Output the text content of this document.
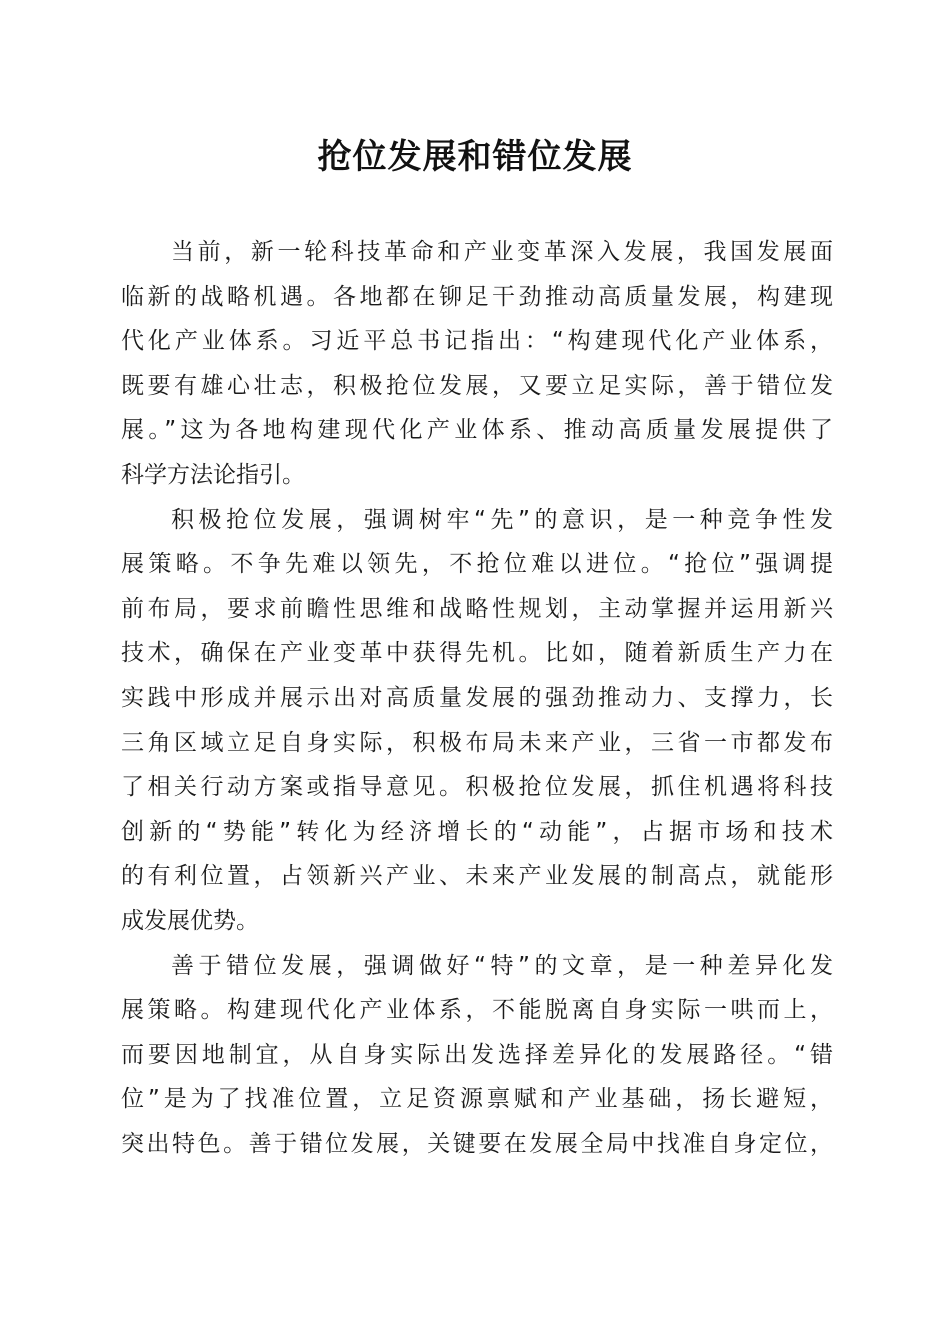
抢位发展和错位发展
当前，新一轮科技革命和产业变革深入发展，我国发展面
临新的战略机遇。各地都在铆足干劲推动高质量发展，构建现
代化产业体系。习近平总书记指出：“构建现代化产业体系，
既要有雄心壮志，积极抢位发展，又要立足实际，善于错位发
展。”这为各地构建现代化产业体系、推动高质量发展提供了
科学方法论指引。
积极抢位发展，强调树牢“先”的意识，是一种竞争性发
展策略。不争先难以领先，不抢位难以进位。“抢位”强调提
前布局，要求前瞻性思维和战略性规划，主动掌握并运用新兴
技术，确保在产业变革中获得先机。比如，随着新质生产力在
实践中形成并展示出对高质量发展的强劲推动力、支撑力，长
三角区域立足自身实际，积极布局未来产业，三省一市都发布
了相关行动方案或指导意见。积极抢位发展，抓住机遇将科技
创新的“势能”转化为经济增长的“动能”，占据市场和技术
的有利位置，占领新兴产业、未来产业发展的制高点，就能形
成发展优势。
善于错位发展，强调做好“特”的文章，是一种差异化发
展策略。构建现代化产业体系，不能脱离自身实际一哄而上，
而要因地制宜，从自身实际出发选择差异化的发展路径。“错
位”是为了找准位置，立足资源禀赋和产业基础，扬长避短，
突出特色。善于错位发展，关键要在发展全局中找准自身定位，
